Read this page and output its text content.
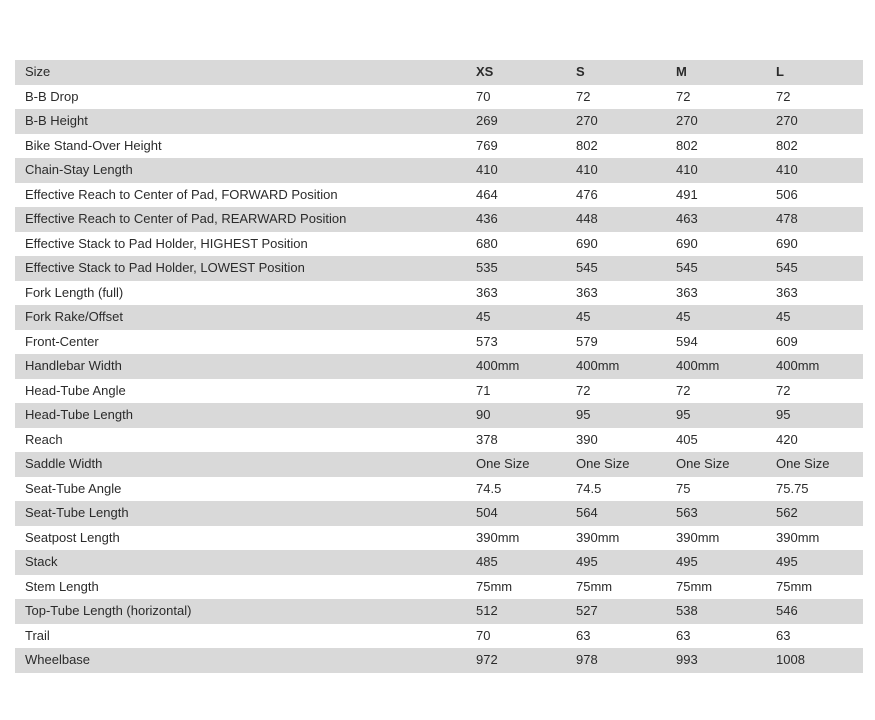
Size	XS	S	M	L
B-B Drop	70	72	72	72
B-B Height	269	270	270	270
Bike Stand-Over Height	769	802	802	802
Chain-Stay Length	410	410	410	410
Effective Reach to Center of Pad, FORWARD Position	464	476	491	506
Effective Reach to Center of Pad, REARWARD Position	436	448	463	478
Effective Stack to Pad Holder, HIGHEST Position	680	690	690	690
Effective Stack to Pad Holder, LOWEST Position	535	545	545	545
Fork Length (full)	363	363	363	363
Fork Rake/Offset	45	45	45	45
Front-Center	573	579	594	609
Handlebar Width	400mm	400mm	400mm	400mm
Head-Tube Angle	71	72	72	72
Head-Tube Length	90	95	95	95
Reach	378	390	405	420
Saddle Width	One Size	One Size	One Size	One Size
Seat-Tube Angle	74.5	74.5	75	75.75
Seat-Tube Length	504	564	563	562
Seatpost Length	390mm	390mm	390mm	390mm
Stack	485	495	495	495
Stem Length	75mm	75mm	75mm	75mm
Top-Tube Length (horizontal)	512	527	538	546
Trail	70	63	63	63
Wheelbase	972	978	993	1008
